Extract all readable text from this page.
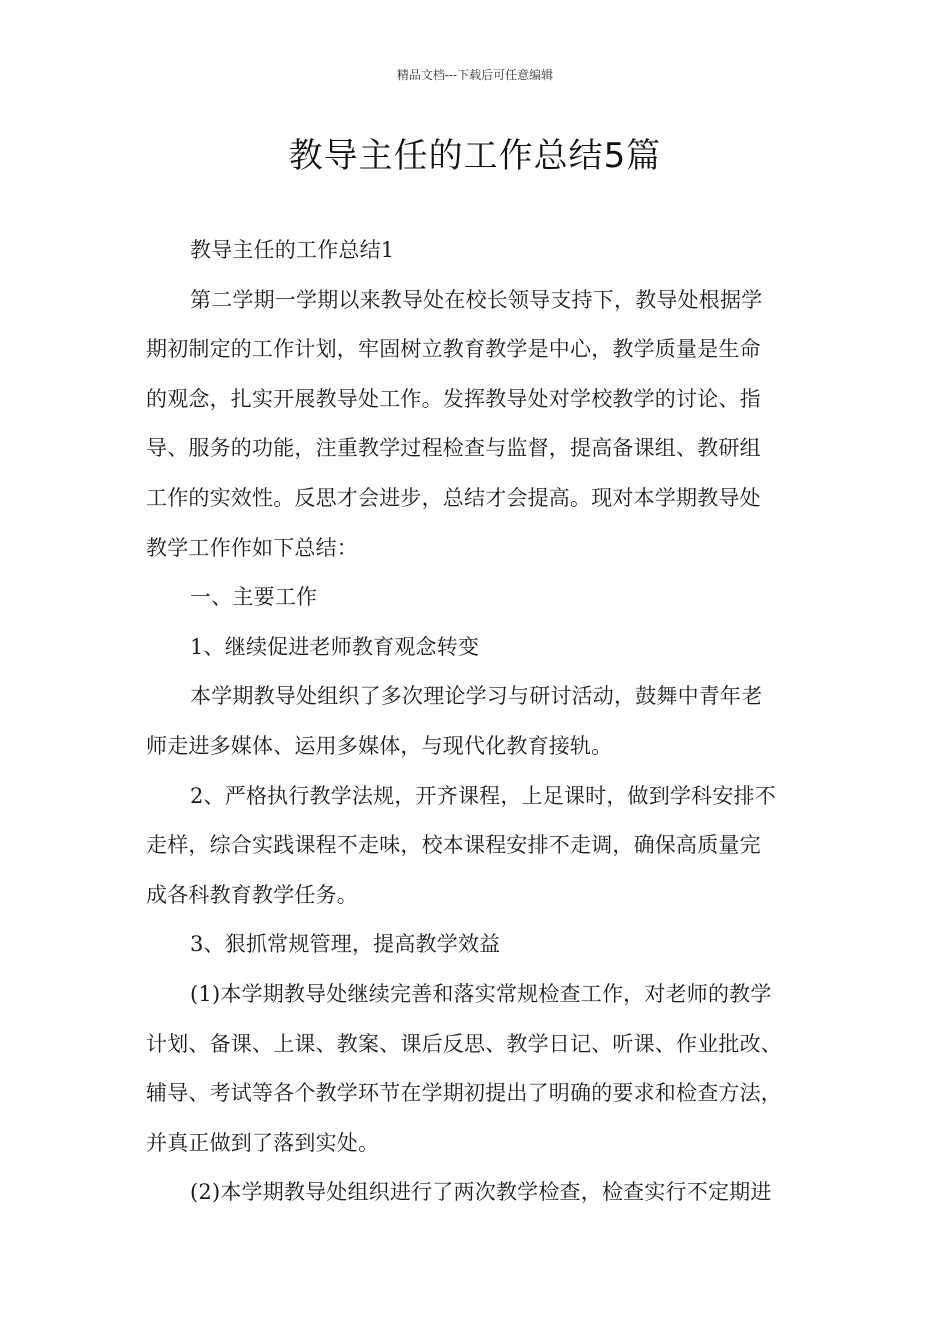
精品文档---下载后可任意编辑
教导主任的工作总结5篇
教导主任的工作总结1
第二学期一学期以来教导处在校长领导支持下，教导处根据学
期初制定的工作计划，牢固树立教育教学是中心，教学质量是生命
的观念，扎实开展教导处工作。发挥教导处对学校教学的讨论、指
导、服务的功能，注重教学过程检查与监督，提高备课组、教研组
工作的实效性。反思才会进步，总结才会提高。现对本学期教导处
教学工作作如下总结：
一、主要工作
1、继续促进老师教育观念转变
本学期教导处组织了多次理论学习与研讨活动，鼓舞中青年老
师走进多媒体、运用多媒体，与现代化教育接轨。
2、严格执行教学法规，开齐课程，上足课时，做到学科安排不
走样，综合实践课程不走味，校本课程安排不走调，确保高质量完
成各科教育教学任务。
3、狠抓常规管理，提高教学效益
(1)本学期教导处继续完善和落实常规检查工作，对老师的教学
计划、备课、上课、教案、课后反思、教学日记、听课、作业批改、
辅导、考试等各个教学环节在学期初提出了明确的要求和检查方法，
并真正做到了落到实处。
(2)本学期教导处组织进行了两次教学检查，检查实行不定期进
